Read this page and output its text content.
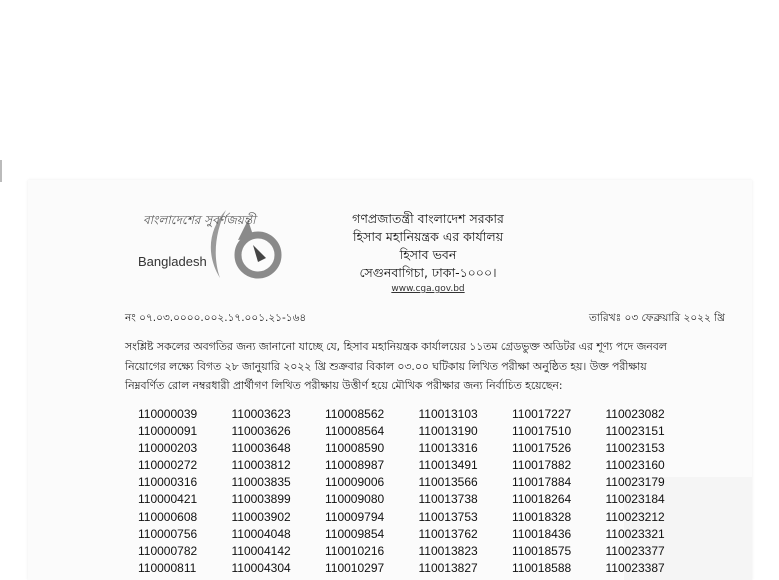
বাংলাদেশের সুবর্ণজয়ন্তী
Bangladesh
গণপ্রজাতন্ত্রী বাংলাদেশ সরকার
হিসাব মহানিয়ন্ত্রক এর কার্যালয়
হিসাব ভবন
সেগুনবাগিচা, ঢাকা-১০০০।
www.cga.gov.bd
নং ০৭.০৩.০০০০.০০২.১৭.০০১.২১-১৬৪	তারিখঃ ০৩ ফেব্রুয়ারি ২০২২ খ্রি
সংশ্লিষ্ট সকলের অবগতির জন্য জানানো যাচ্ছে যে, হিসাব মহানিয়ন্ত্রক কার্যালয়ের ১১তম গ্রেডভুক্ত অডিটর এর শূণ্য পদে জনবল
নিয়োগের লক্ষ্যে বিগত ২৮ জানুয়ারি ২০২২ খ্রি শুক্রবার বিকাল ০৩.০০ ঘটিকায় লিখিত পরীক্ষা অনুষ্ঠিত হয়। উক্ত পরীক্ষায়
নিম্নবর্ণিত রোল নম্বরধারী প্রার্থীগণ লিখিত পরীক্ষায় উত্তীর্ণ হয়ে মৌখিক পরীক্ষার জন্য নির্বাচিত হয়েছেন:
110000039	110003623	110008562	110013103	110017227	110023082
110000091	110003626	110008564	110013190	110017510	110023151
110000203	110003648	110008590	110013316	110017526	110023153
110000272	110003812	110008987	110013491	110017882	110023160
110000316	110003835	110009006	110013566	110017884	110023179
110000421	110003899	110009080	110013738	110018264	110023184
110000608	110003902	110009794	110013753	110018328	110023212
110000756	110004048	110009854	110013762	110018436	110023321
110000782	110004142	110010216	110013823	110018575	110023377
110000811	110004304	110010297	110013827	110018588	110023387
